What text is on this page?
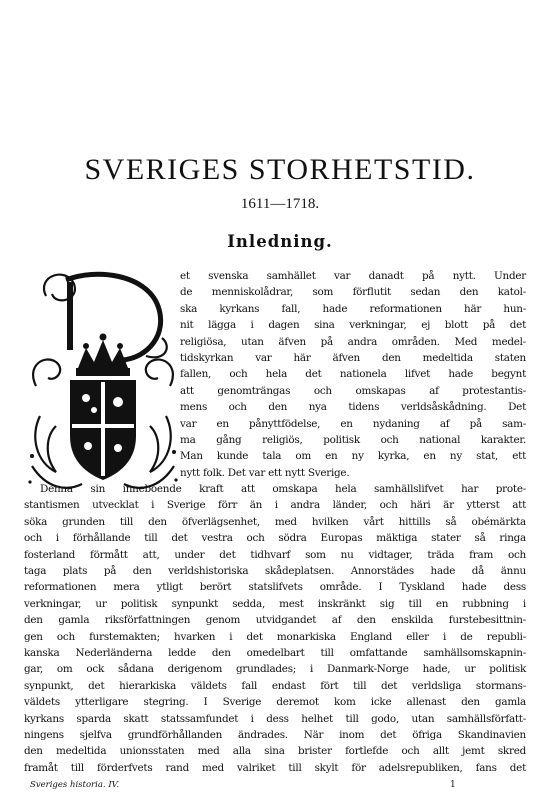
SVERIGES STORHETSTID.
1611—1718.
Inledning.
et svenska samhället var danadt på nytt. Under
de menniskolådrar, som förflutit sedan den katol-
ska kyrkans fall, hade reformationen här hun-
nit lägga i dagen sina verkningar, ej blott på det
religiösa, utan äfven på andra områden. Med medel-
tidskyrkan var här äfven den medeltida staten
fallen, och hela det nationela lifvet hade begynt
att genomträngas och omskapas af protestantis-
mens och den nya tidens verldsåskådning. Det
var en pånyttfödelse, en nydaning af på sam-
ma gång religiös, politisk och national karakter.
Man kunde tala om en ny kyrka, en ny stat, ett
nytt folk. Det var ett nytt Sverige.
Denna sin inneboende kraft att omskapa hela samhällslifvet har prote-
stantismen utvecklat i Sverige förr än i andra länder, och häri är ytterst att
söka grunden till den öfverlägsenhet, med hvilken vårt hittills så obémärkta
och i förhållande till det vestra och södra Europas mäktiga stater så ringa
fosterland förmått att, under det tidhvarf som nu vidtager, träda fram och
taga plats på den verldshistoriska skådeplatsen. Annorstädes hade då ännu
reformationen mera ytligt berört statslifvets område. I Tyskland hade dess
verkningar, ur politisk synpunkt sedda, mest inskränkt sig till en rubbning i
den gamla riksförfattningen genom utvidgandet af den enskilda furstebesittnin-
gen och furstemakten; hvarken i det monarkiska England eller i de republi-
kanska Nederländerna ledde den omedelbart till omfattande samhällsomskapnin-
gar, om ock sådana derigenom grundlades; i Danmark-Norge hade, ur politisk
synpunkt, det hierarkiska väldets fall endast fört till det verldsliga stormans-
väldets ytterligare stegring. I Sverige deremot kom icke allenast den gamla
kyrkans sparda skatt statssamfundet i dess helhet till godo, utan samhällsförfatt-
ningens sjelfva grundförhållanden ändrades. När inom det öfriga Skandinavien
den medeltida unionsstaten med alla sina brister fortlefde och allt jemt skred
framåt till förderfvets rand med valriket till skylt för adelsrepubliken, fans det
Sveriges historia. IV.	1
